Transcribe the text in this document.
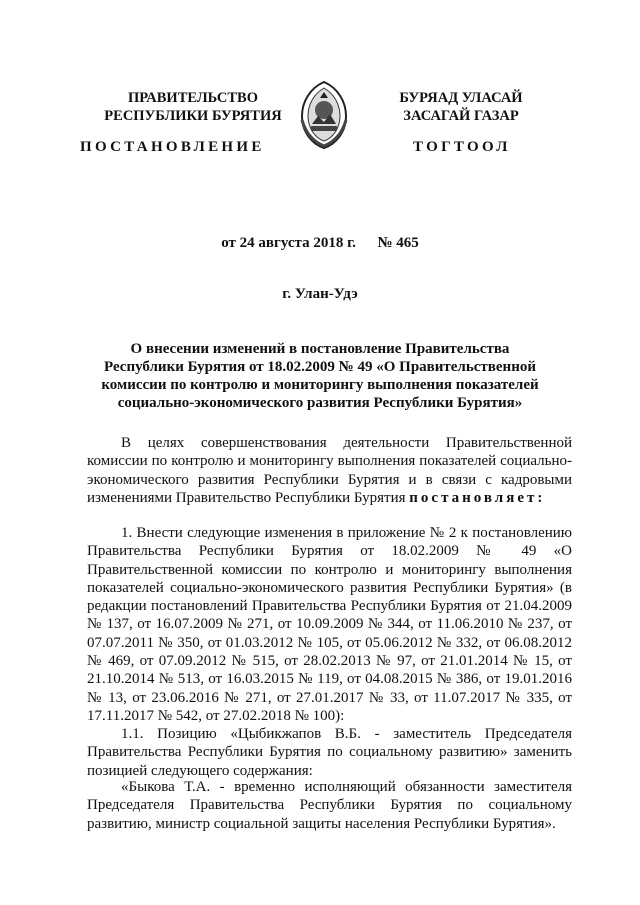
ПРАВИТЕЛЬСТВО
РЕСПУБЛИКИ БУРЯТИЯ
БУРЯАД УЛАСАЙ
ЗАСАГАЙ ГАЗАР
ПОСТАНОВЛЕНИЕ	ТОГТООЛ
от 24 августа 2018 г. № 465
г. Улан-Удэ
О внесении изменений в постановление Правительства Республики Бурятия от 18.02.2009 № 49 «О Правительственной комиссии по контролю и мониторингу выполнения показателей социально-экономического развития Республики Бурятия»
В целях совершенствования деятельности Правительственной комиссии по контролю и мониторингу выполнения показателей социально-экономического развития Республики Бурятия и в связи с кадровыми изменениями Правительство Республики Бурятия постановляет:
1. Внести следующие изменения в приложение № 2 к постановлению Правительства Республики Бурятия от 18.02.2009 № 49 «О Правительственной комиссии по контролю и мониторингу выполнения показателей социально-экономического развития Республики Бурятия» (в редакции постановлений Правительства Республики Бурятия от 21.04.2009 № 137, от 16.07.2009 № 271, от 10.09.2009 № 344, от 11.06.2010 № 237, от 07.07.2011 № 350, от 01.03.2012 № 105, от 05.06.2012 № 332, от 06.08.2012 № 469, от 07.09.2012 № 515, от 28.02.2013 № 97, от 21.01.2014 № 15, от 21.10.2014 № 513, от 16.03.2015 № 119, от 04.08.2015 № 386, от 19.01.2016 № 13, от 23.06.2016 № 271, от 27.01.2017 № 33, от 11.07.2017 № 335, от 17.11.2017 № 542, от 27.02.2018 № 100):
1.1. Позицию «Цыбикжапов В.Б. - заместитель Председателя Правительства Республики Бурятия по социальному развитию» заменить позицией следующего содержания:
«Быкова Т.А. - временно исполняющий обязанности заместителя Председателя Правительства Республики Бурятия по социальному развитию, министр социальной защиты населения Республики Бурятия».
